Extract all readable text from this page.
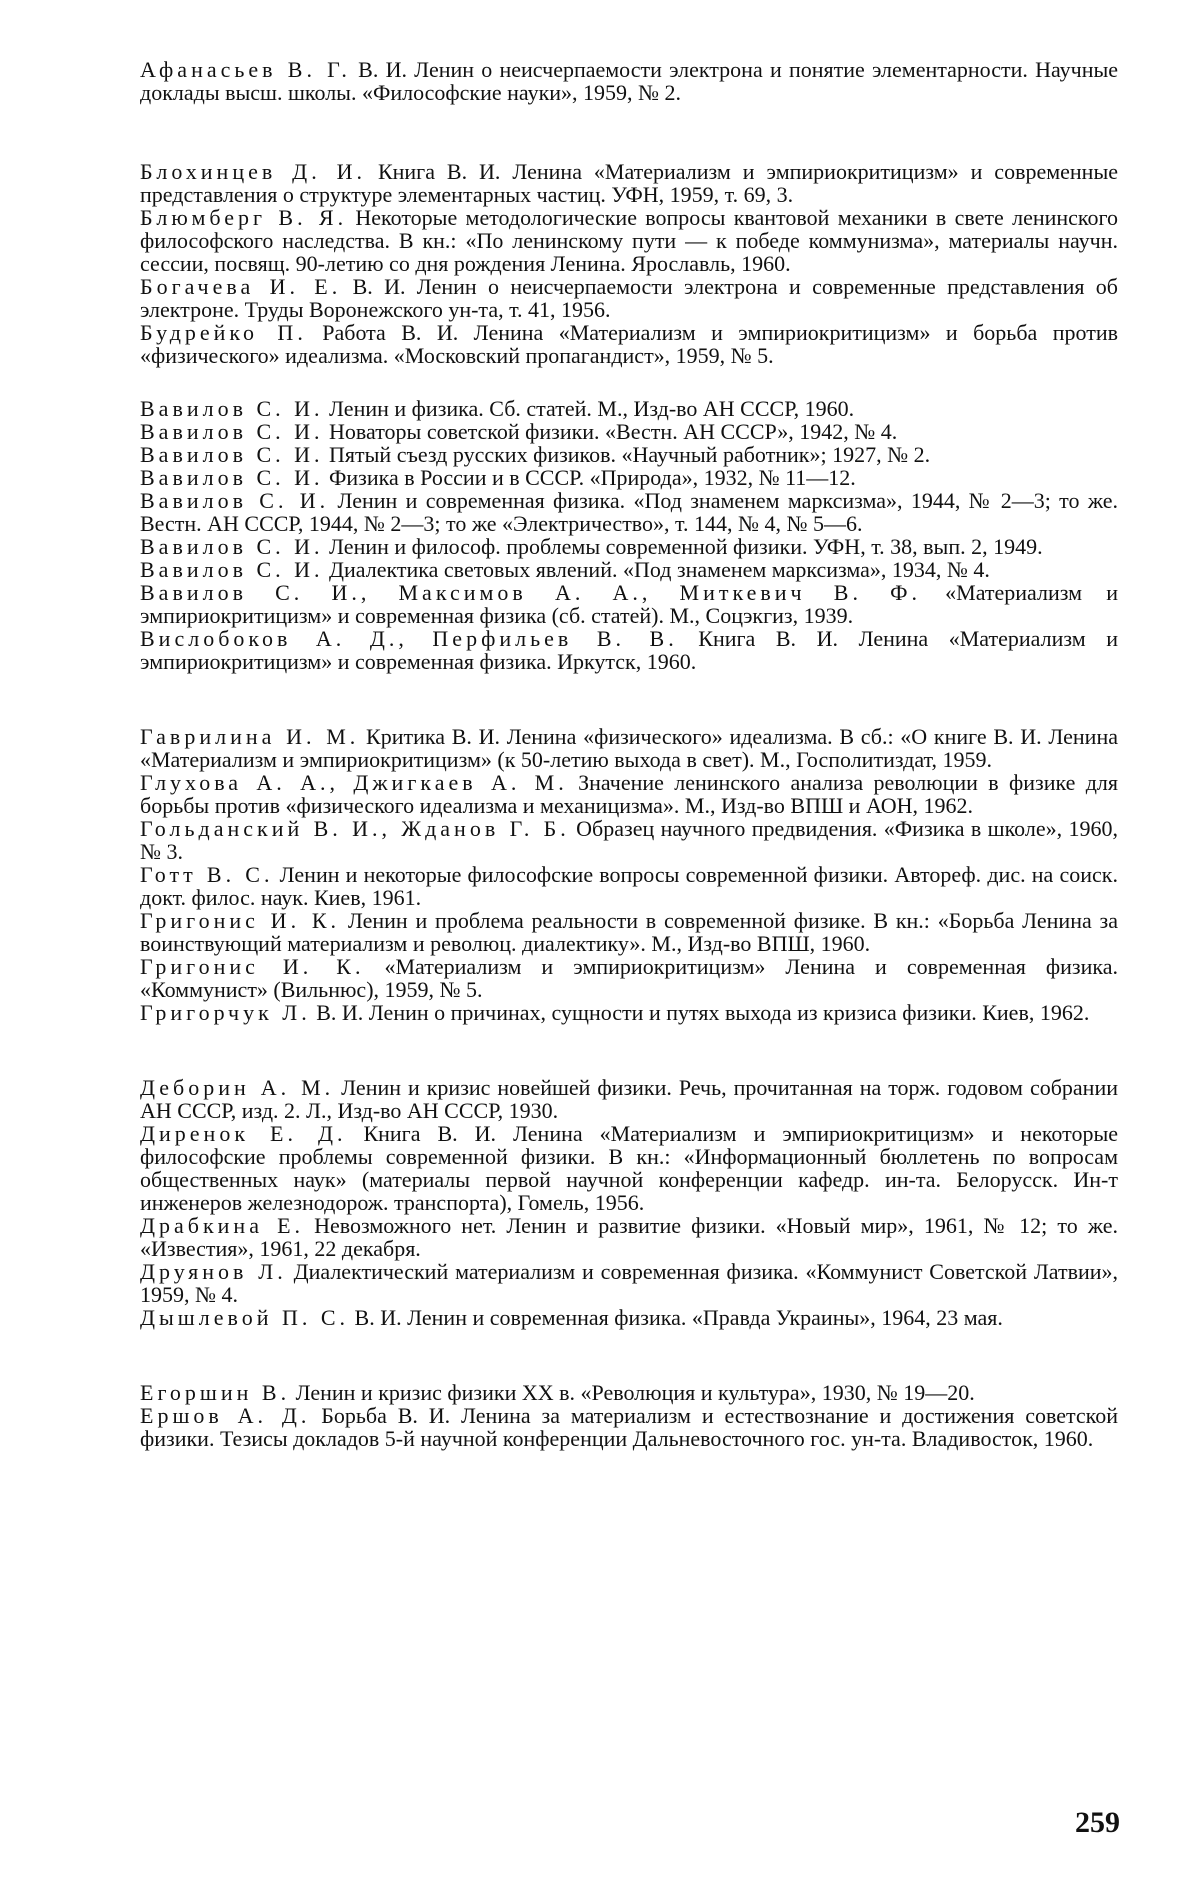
Афанасьев В. Г. В. И. Ленин о неисчерпаемости электрона и понятие элементарности. Научные доклады высш. школы. «Философские науки», 1959, № 2.

Блохинцев Д. И. Книга В. И. Ленина «Материализм и эмпириокритицизм» и современные представления о структуре элементарных частиц. УФН, 1959, т. 69, 3.

Блюмберг В. Я. Некоторые методологические вопросы квантовой механики в свете ленинского философского наследства. В кн.: «По ленинскому пути — к победе коммунизма», материалы научн. сессии, посвящ. 90-летию со дня рождения Ленина. Ярославль, 1960.

Богачева И. Е. В. И. Ленин о неисчерпаемости электрона и современные представления об электроне. Труды Воронежского ун-та, т. 41, 1956.

Будрейко П. Работа В. И. Ленина «Материализм и эмпириокритицизм» и борьба против «физического» идеализма. «Московский пропагандист», 1959, № 5.

Вавилов С. И. Ленин и физика. Сб. статей. М., Изд-во АН СССР, 1960.

Вавилов С. И. Новаторы советской физики. «Вестн. АН СССР», 1942, № 4.

Вавилов С. И. Пятый съезд русских физиков. «Научный работник»; 1927, № 2.

Вавилов С. И. Физика в России и в СССР. «Природа», 1932, № 11—12.

Вавилов С. И. Ленин и современная физика. «Под знаменем марксизма», 1944, № 2—3; то же. Вестн. АН СССР, 1944, № 2—3; то же «Электричество», т. 144, № 4, № 5—6.

Вавилов С. И. Ленин и философ. проблемы современной физики. УФН, т. 38, вып. 2, 1949.

Вавилов С. И. Диалектика световых явлений. «Под знаменем марксизма», 1934, № 4.

Вавилов С. И., Максимов А. А., Миткевич В. Ф. «Материализм и эмпириокритицизм» и современная физика (сб. статей). М., Соцэкгиз, 1939.

Вислобоков А. Д., Перфильев В. В. Книга В. И. Ленина «Материализм и эмпириокритицизм» и современная физика. Иркутск, 1960.

Гаврилина И. М. Критика В. И. Ленина «физического» идеализма. В сб.: «О книге В. И. Ленина «Материализм и эмпириокритицизм» (к 50-летию выхода в свет). М., Госполитиздат, 1959.

Глухова А. А., Джигкаев А. М. Значение ленинского анализа революции в физике для борьбы против «физического идеализма и механицизма». М., Изд-во ВПШ и АОН, 1962.

Гольданский В. И., Жданов Г. Б. Образец научного предвидения. «Физика в школе», 1960, № 3.

Готт В. С. Ленин и некоторые философские вопросы современной физики. Автореф. дис. на соиск. докт. филос. наук. Киев, 1961.

Григонис И. К. Ленин и проблема реальности в современной физике. В кн.: «Борьба Ленина за воинствующий материализм и революц. диалектику». М., Изд-во ВПШ, 1960.

Григонис И. К. «Материализм и эмпириокритицизм» Ленина и современная физика. «Коммунист» (Вильнюс), 1959, № 5.

Григорчук Л. В. И. Ленин о причинах, сущности и путях выхода из кризиса физики. Киев, 1962.

Деборин А. М. Ленин и кризис новейшей физики. Речь, прочитанная на торж. годовом собрании АН СССР, изд. 2. Л., Изд-во АН СССР, 1930.

Диренок Е. Д. Книга В. И. Ленина «Материализм и эмпириокритицизм» и некоторые философские проблемы современной физики. В кн.: «Информационный бюллетень по вопросам общественных наук» (материалы первой научной конференции кафедр. ин-та. Белорусск. Ин-т инженеров железнодорож. транспорта), Гомель, 1956.

Драбкина Е. Невозможного нет. Ленин и развитие физики. «Новый мир», 1961, № 12; то же. «Известия», 1961, 22 декабря.

Друянов Л. Диалектический материализм и современная физика. «Коммунист Советской Латвии», 1959, № 4.

Дышлевой П. С. В. И. Ленин и современная физика. «Правда Украины», 1964, 23 мая.

Егоршин В. Ленин и кризис физики XX в. «Революция и культура», 1930, № 19—20.

Ершов А. Д. Борьба В. И. Ленина за материализм и естествознание и достижения советской физики. Тезисы докладов 5-й научной конференции Дальневосточного гос. ун-та. Владивосток, 1960.

259
